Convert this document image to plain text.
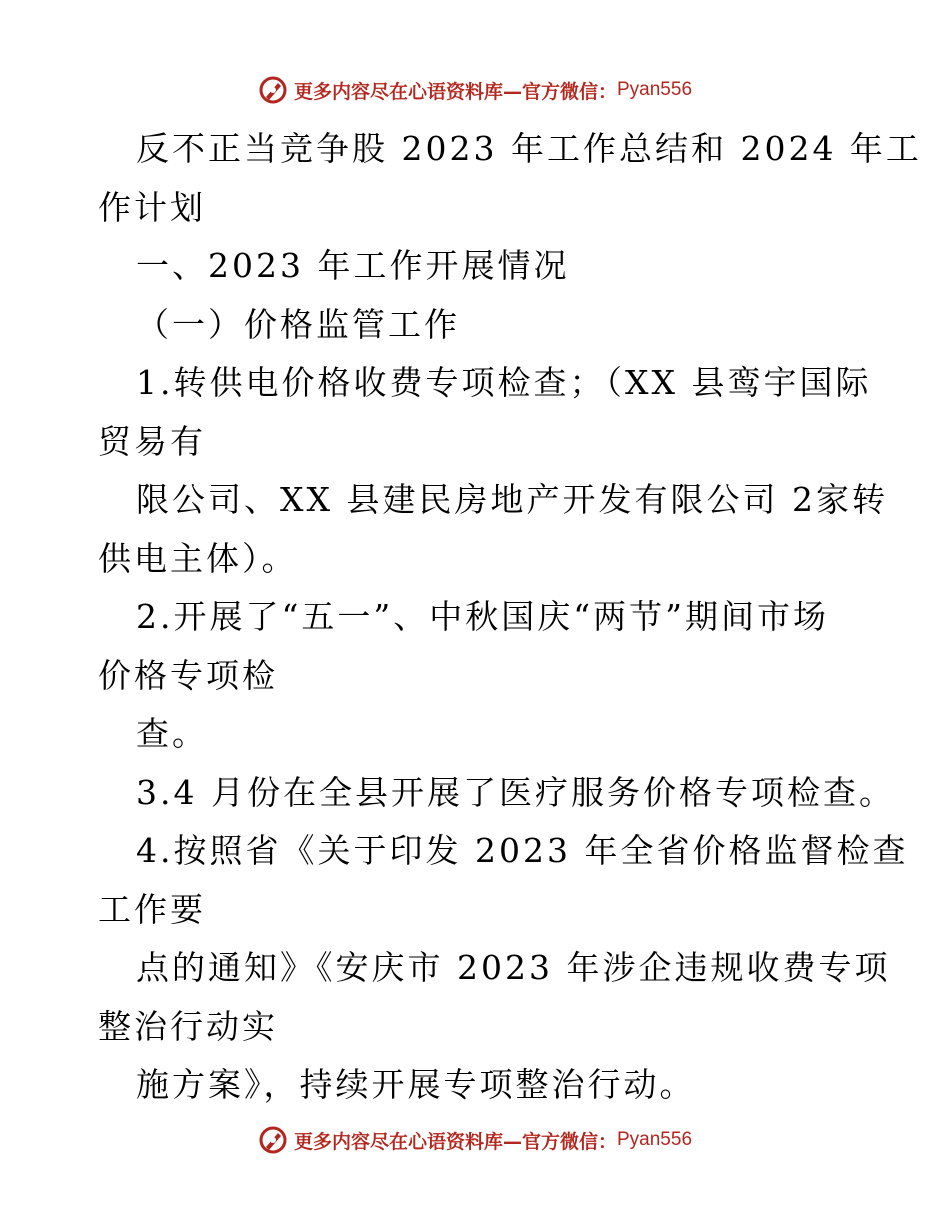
更多内容尽在心语资料库—官方微信： Pyan556
反不正当竞争股 2023 年工作总结和 2024 年工
作计划
一、2023 年工作开展情况
（一）价格监管工作
1.转供电价格收费专项检查；（XX 县鸾宇国际
贸易有
限公司、XX 县建民房地产开发有限公司 2家转
供电主体）。
2.开展了“五一”、中秋国庆“两节”期间市场
价格专项检
查。
3.4 月份在全县开展了医疗服务价格专项检查。
4.按照省《关于印发 2023 年全省价格监督检查
工作要
点的通知》《安庆市 2023 年涉企违规收费专项
整治行动实
施方案》，持续开展专项整治行动。
更多内容尽在心语资料库—官方微信： Pyan556
